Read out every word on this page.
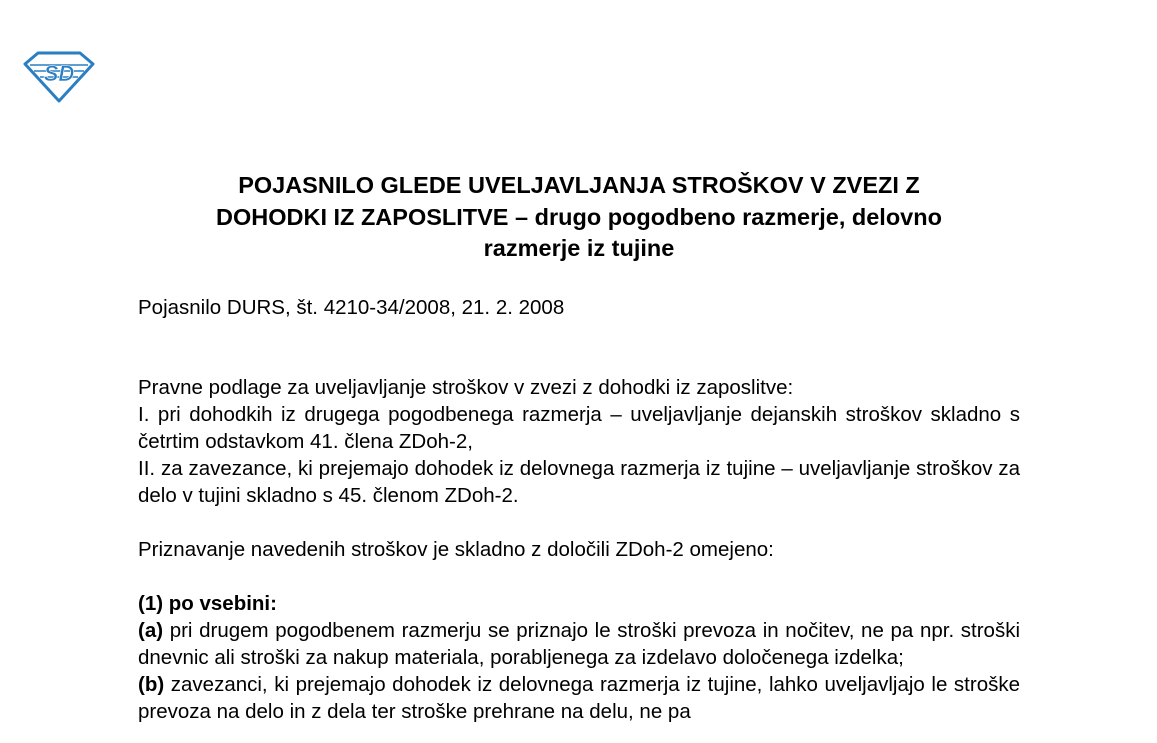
SD
POJASNILO GLEDE UVELJAVLJANJA STROŠKOV V ZVEZI Z
DOHODKI IZ ZAPOSLITVE – drugo pogodbeno razmerje, delovno
razmerje iz tujine

Pojasnilo DURS, št. 4210-34/2008, 21. 2. 2008

Pravne podlage za uveljavljanje stroškov v zvezi z dohodki iz zaposlitve:

I. pri dohodkih iz drugega pogodbenega razmerja – uveljavljanje dejanskih stroškov skladno s četrtim odstavkom 41. člena ZDoh-2,

II. za zavezance, ki prejemajo dohodek iz delovnega razmerja iz tujine – uveljavljanje stroškov za delo v tujini skladno s 45. členom ZDoh-2.

Priznavanje navedenih stroškov je skladno z določili ZDoh-2 omejeno:

(1) po vsebini:

(a) pri drugem pogodbenem razmerju se priznajo le stroški prevoza in nočitev, ne pa npr. stroški dnevnic ali stroški za nakup materiala, porabljenega za izdelavo določenega izdelka;

(b) zavezanci, ki prejemajo dohodek iz delovnega razmerja iz tujine, lahko uveljavljajo le stroške prevoza na delo in z dela ter stroške prehrane na delu, ne pa
